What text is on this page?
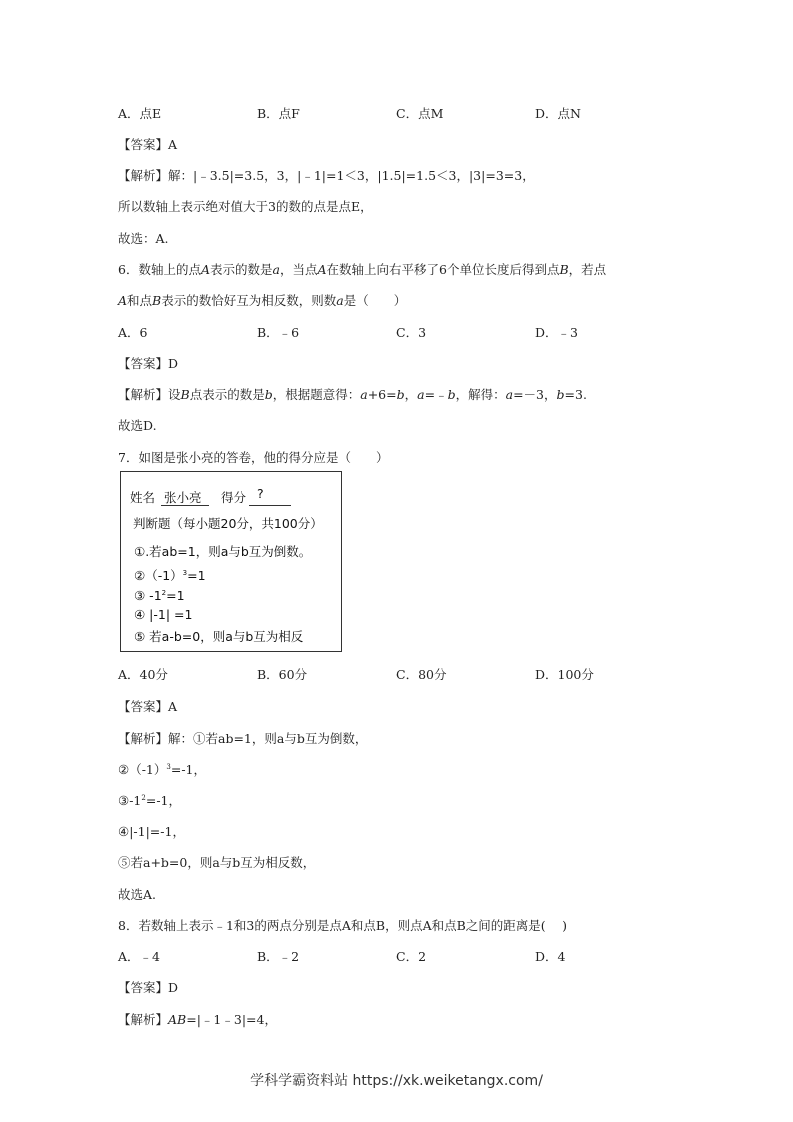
A．点E	B．点F	C．点M	D．点N
【答案】A
【解析】解：|﹣3.5|=3.5，3，|﹣1|=1＜3，|1.5|=1.5＜3，|3|=3=3，
所以数轴上表示绝对值大于3的数的点是点E，
故选：A.
6．数轴上的点A表示的数是a，当点A在数轴上向右平移了6个单位长度后得到点B，若点
A和点B表示的数恰好互为相反数，则数a是（　　）
A．6	B．﹣6	C．3	D．﹣3
【答案】D
【解析】设B点表示的数是b，根据题意得：a+6=b，a=﹣b，解得：a=－3，b=3.
故选D.
7．如图是张小亮的答卷，他的得分应是（　　）
姓名 张小亮 得分 ?
判断题（每小题20分，共100分）
①.若ab=1，则a与b互为倒数。
$②(-1)^3=1$
③ $-1^2=1$
④ |-1| =1
⑤ 若a-b=0，则a与b互为相反
A．40分	B．60分	C．80分	D．100分
【答案】A
【解析】解：①若ab=1，则a与b互为倒数，
$②(-1)^3=-1$，
$③-1^2=-1$，
④|-1|=-1，
⑤若a+b=0，则a与b互为相反数，
故选A.
8．若数轴上表示﹣1和3的两点分别是点A和点B，则点A和点B之间的距离是(　 )
A．﹣4	B．﹣2	C．2	D．4
【答案】D
【解析】AB=|﹣1﹣3|=4，
学科学霸资料站 https://xk.weiketangx.com/
